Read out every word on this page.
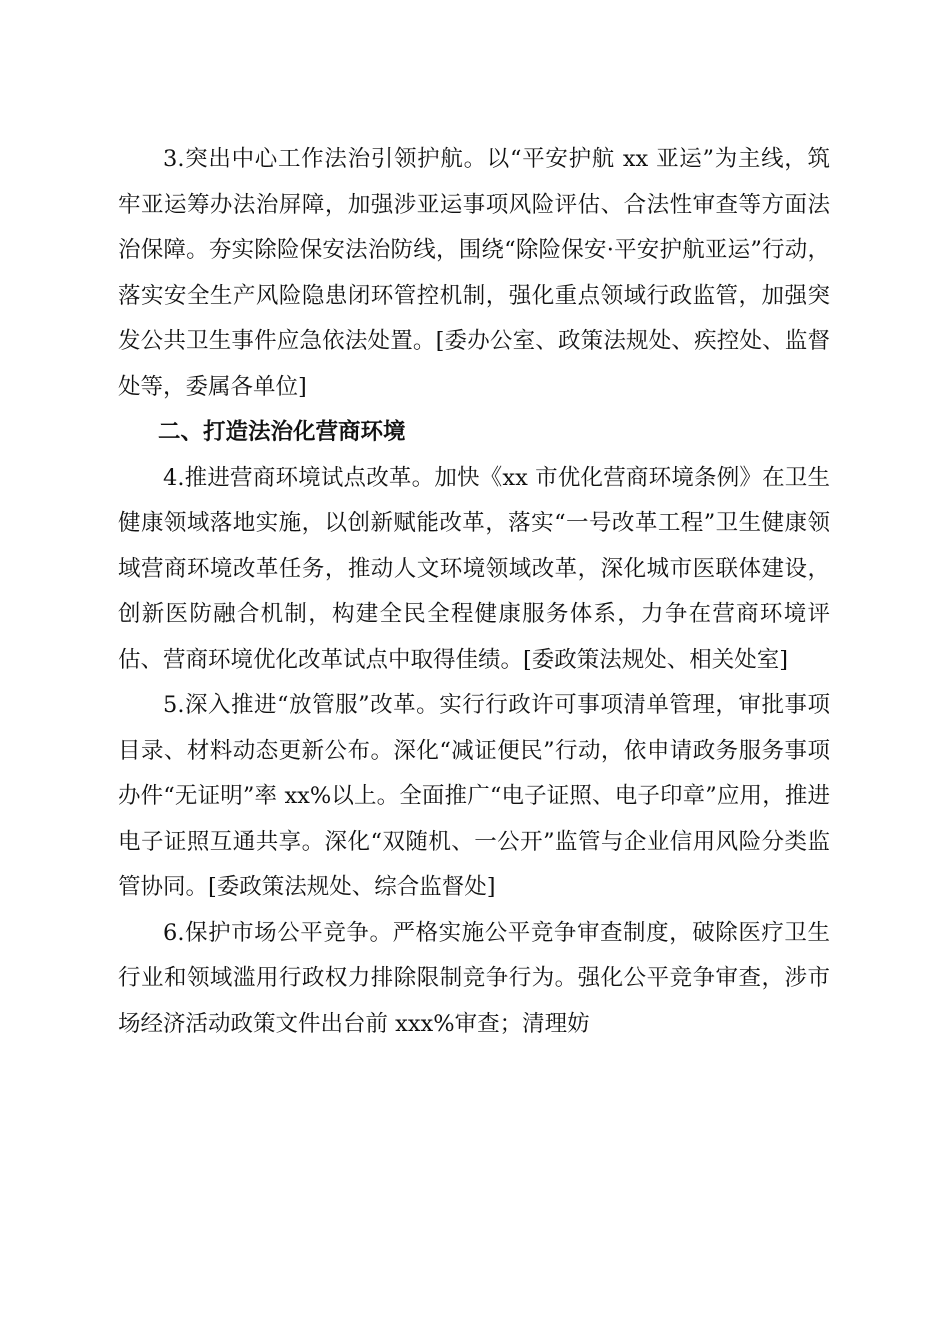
3.突出中心工作法治引领护航。以“平安护航 xx 亚运”为主线，筑牢亚运筹办法治屏障，加强涉亚运事项风险评估、合法性审查等方面法治保障。夯实除险保安法治防线，围绕“除险保安·平安护航亚运”行动，落实安全生产风险隐患闭环管控机制，强化重点领域行政监管，加强突发公共卫生事件应急依法处置。[委办公室、政策法规处、疾控处、监督处等，委属各单位]

二、打造法治化营商环境

4.推进营商环境试点改革。加快《xx 市优化营商环境条例》在卫生健康领域落地实施，以创新赋能改革，落实“一号改革工程”卫生健康领域营商环境改革任务，推动人文环境领域改革，深化城市医联体建设，创新医防融合机制，构建全民全程健康服务体系，力争在营商环境评估、营商环境优化改革试点中取得佳绩。[委政策法规处、相关处室]

5.深入推进“放管服”改革。实行行政许可事项清单管理，审批事项目录、材料动态更新公布。深化“减证便民”行动，依申请政务服务事项办件“无证明”率 xx%以上。全面推广“电子证照、电子印章”应用，推进电子证照互通共享。深化“双随机、一公开”监管与企业信用风险分类监管协同。[委政策法规处、综合监督处]

6.保护市场公平竞争。严格实施公平竞争审查制度，破除医疗卫生行业和领域滥用行政权力排除限制竞争行为。强化公平竞争审查，涉市场经济活动政策文件出台前 xxx%审查；清理妨
